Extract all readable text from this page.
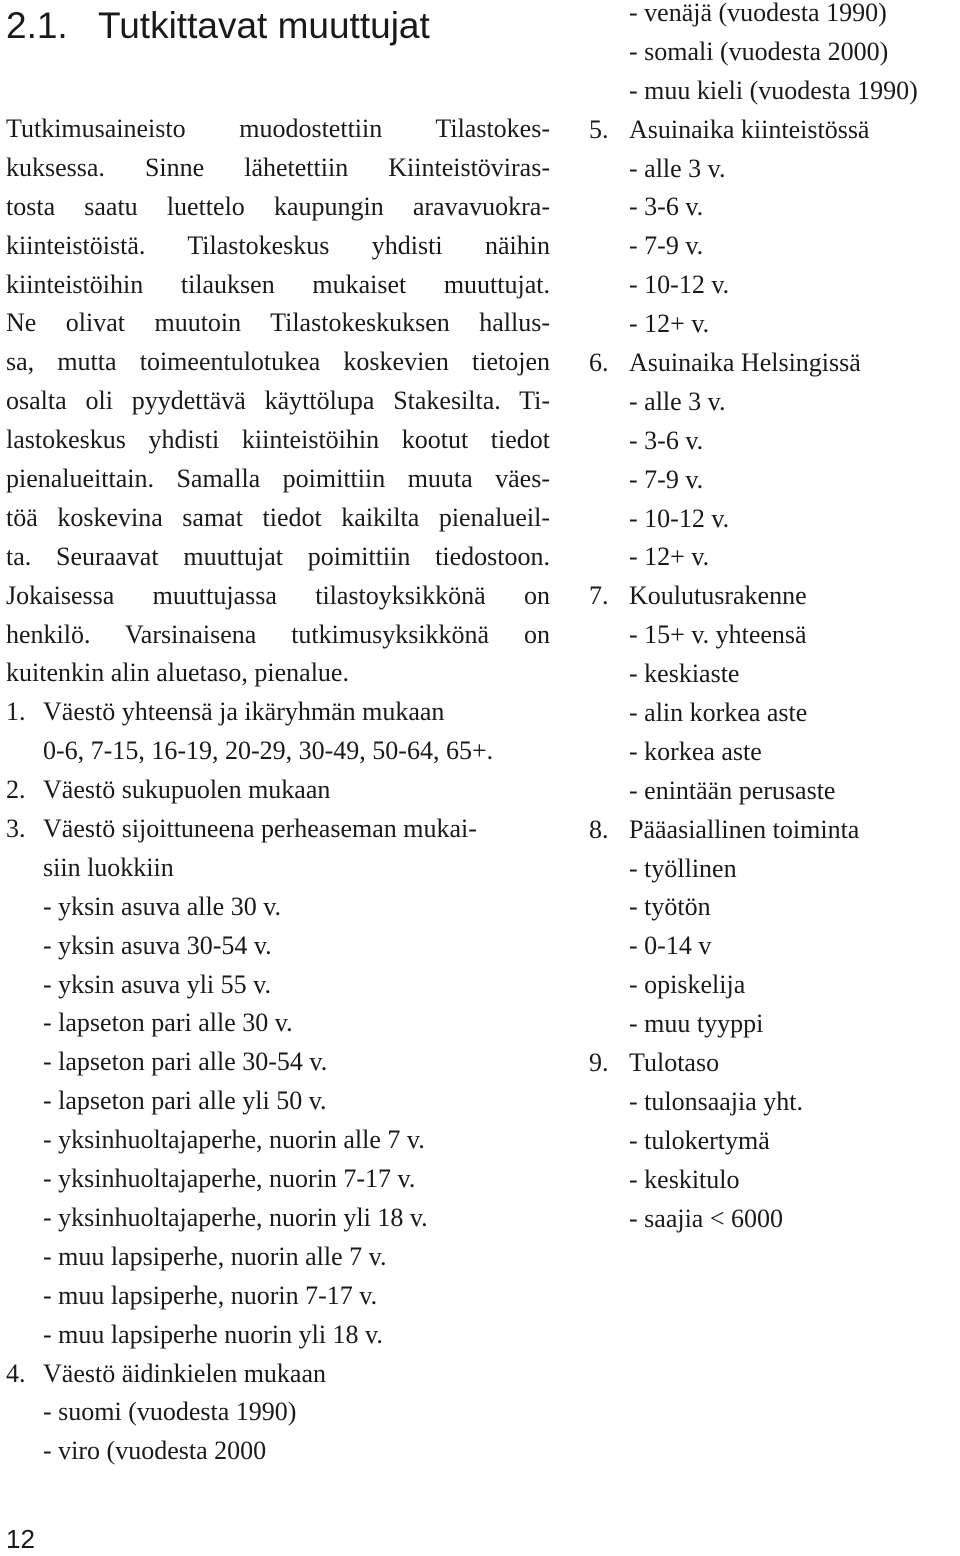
2.1. Tutkittavat muuttujat
Tutkimusaineisto muodostettiin Tilastokes-
kuksessa. Sinne lähetettiin Kiinteistöviras-
tosta saatu luettelo kaupungin aravavuokra-
kiinteistöistä. Tilastokeskus yhdisti näihin
kiinteistöihin tilauksen mukaiset muuttujat.
Ne olivat muutoin Tilastokeskuksen hallus-
sa, mutta toimeentulotukea koskevien tietojen
osalta oli pyydettävä käyttölupa Stakesilta. Ti-
lastokeskus yhdisti kiinteistöihin kootut tiedot
pienalueittain. Samalla poimittiin muuta väes-
töä koskevina samat tiedot kaikilta pienalueil-
ta. Seuraavat muuttujat poimittiin tiedostoon.
Jokaisessa muuttujassa tilastoyksikkönä on
henkilö. Varsinaisena tutkimusyksikkönä on
kuitenkin alin aluetaso, pienalue.
1. Väestö yhteensä ja ikäryhmän mukaan
0-6, 7-15, 16-19, 20-29, 30-49, 50-64, 65+.
2. Väestö sukupuolen mukaan
3. Väestö sijoittuneena perheaseman mukai-
siin luokkiin
- yksin asuva alle 30 v.
- yksin asuva 30-54 v.
- yksin asuva yli 55 v.
- lapseton pari alle 30 v.
- lapseton pari alle 30-54 v.
- lapseton pari alle yli 50 v.
- yksinhuoltajaperhe, nuorin alle 7 v.
- yksinhuoltajaperhe, nuorin 7-17 v.
- yksinhuoltajaperhe, nuorin yli 18 v.
- muu lapsiperhe, nuorin alle 7 v.
- muu lapsiperhe, nuorin 7-17 v.
- muu lapsiperhe nuorin yli 18 v.
4. Väestö äidinkielen mukaan
- suomi (vuodesta 1990)
- viro (vuodesta 2000
- venäjä (vuodesta 1990)
- somali (vuodesta 2000)
- muu kieli (vuodesta 1990)
5. Asuinaika kiinteistössä
- alle 3 v.
- 3-6 v.
- 7-9 v.
- 10-12 v.
- 12+ v.
6. Asuinaika Helsingissä
- alle 3 v.
- 3-6 v.
- 7-9 v.
- 10-12 v.
- 12+ v.
7. Koulutusrakenne
- 15+ v. yhteensä
- keskiaste
- alin korkea aste
- korkea aste
- enintään perusaste
8. Pääasiallinen toiminta
- työllinen
- työtön
- 0-14 v
- opiskelija
- muu tyyppi
9. Tulotaso
- tulonsaajia yht.
- tulokertymä
- keskitulo
- saajia < 6000
12
